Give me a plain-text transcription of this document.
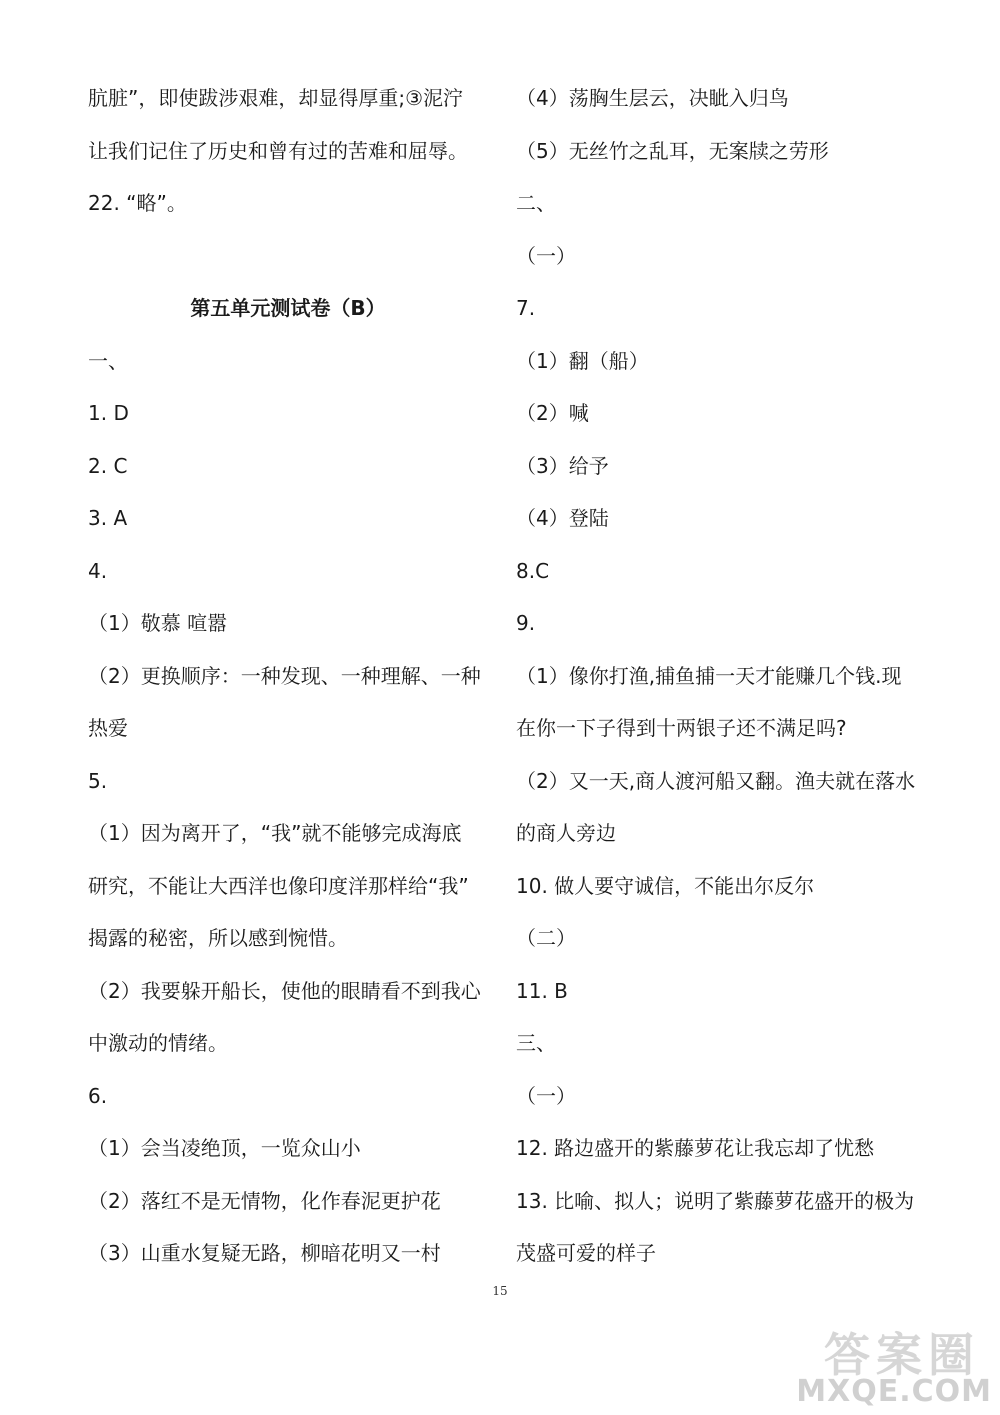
肮脏”，即使跋涉艰难，却显得厚重;③泥泞
让我们记住了历史和曾有过的苦难和屈辱。
22. “略”。
第五单元测试卷（B）
一、
1. D
2. C
3. A
4.
（1）敬慕 喧嚣
（2）更换顺序：一种发现、一种理解、一种
热爱
5.
（1）因为离开了，“我”就不能够完成海底
研究，不能让大西洋也像印度洋那样给“我”
揭露的秘密，所以感到惋惜。
（2）我要躲开船长，使他的眼睛看不到我心
中激动的情绪。
6.
（1）会当凌绝顶，一览众山小
（2）落红不是无情物，化作春泥更护花
（3）山重水复疑无路，柳暗花明又一村
（4）荡胸生层云，决眦入归鸟
（5）无丝竹之乱耳，无案牍之劳形
二、
（一）
7.
（1）翻（船）
（2）喊
（3）给予
（4）登陆
8.C
9.
（1）像你打渔,捕鱼捕一天才能赚几个钱.现
在你一下子得到十两银子还不满足吗?
（2）又一天,商人渡河船又翻。渔夫就在落水
的商人旁边
10. 做人要守诚信，不能出尔反尔
（二）
11. B
三、
（一）
12. 路边盛开的紫藤萝花让我忘却了忧愁
13. 比喻、拟人；说明了紫藤萝花盛开的极为
茂盛可爱的样子
15
答案圈
MXQE.COM
